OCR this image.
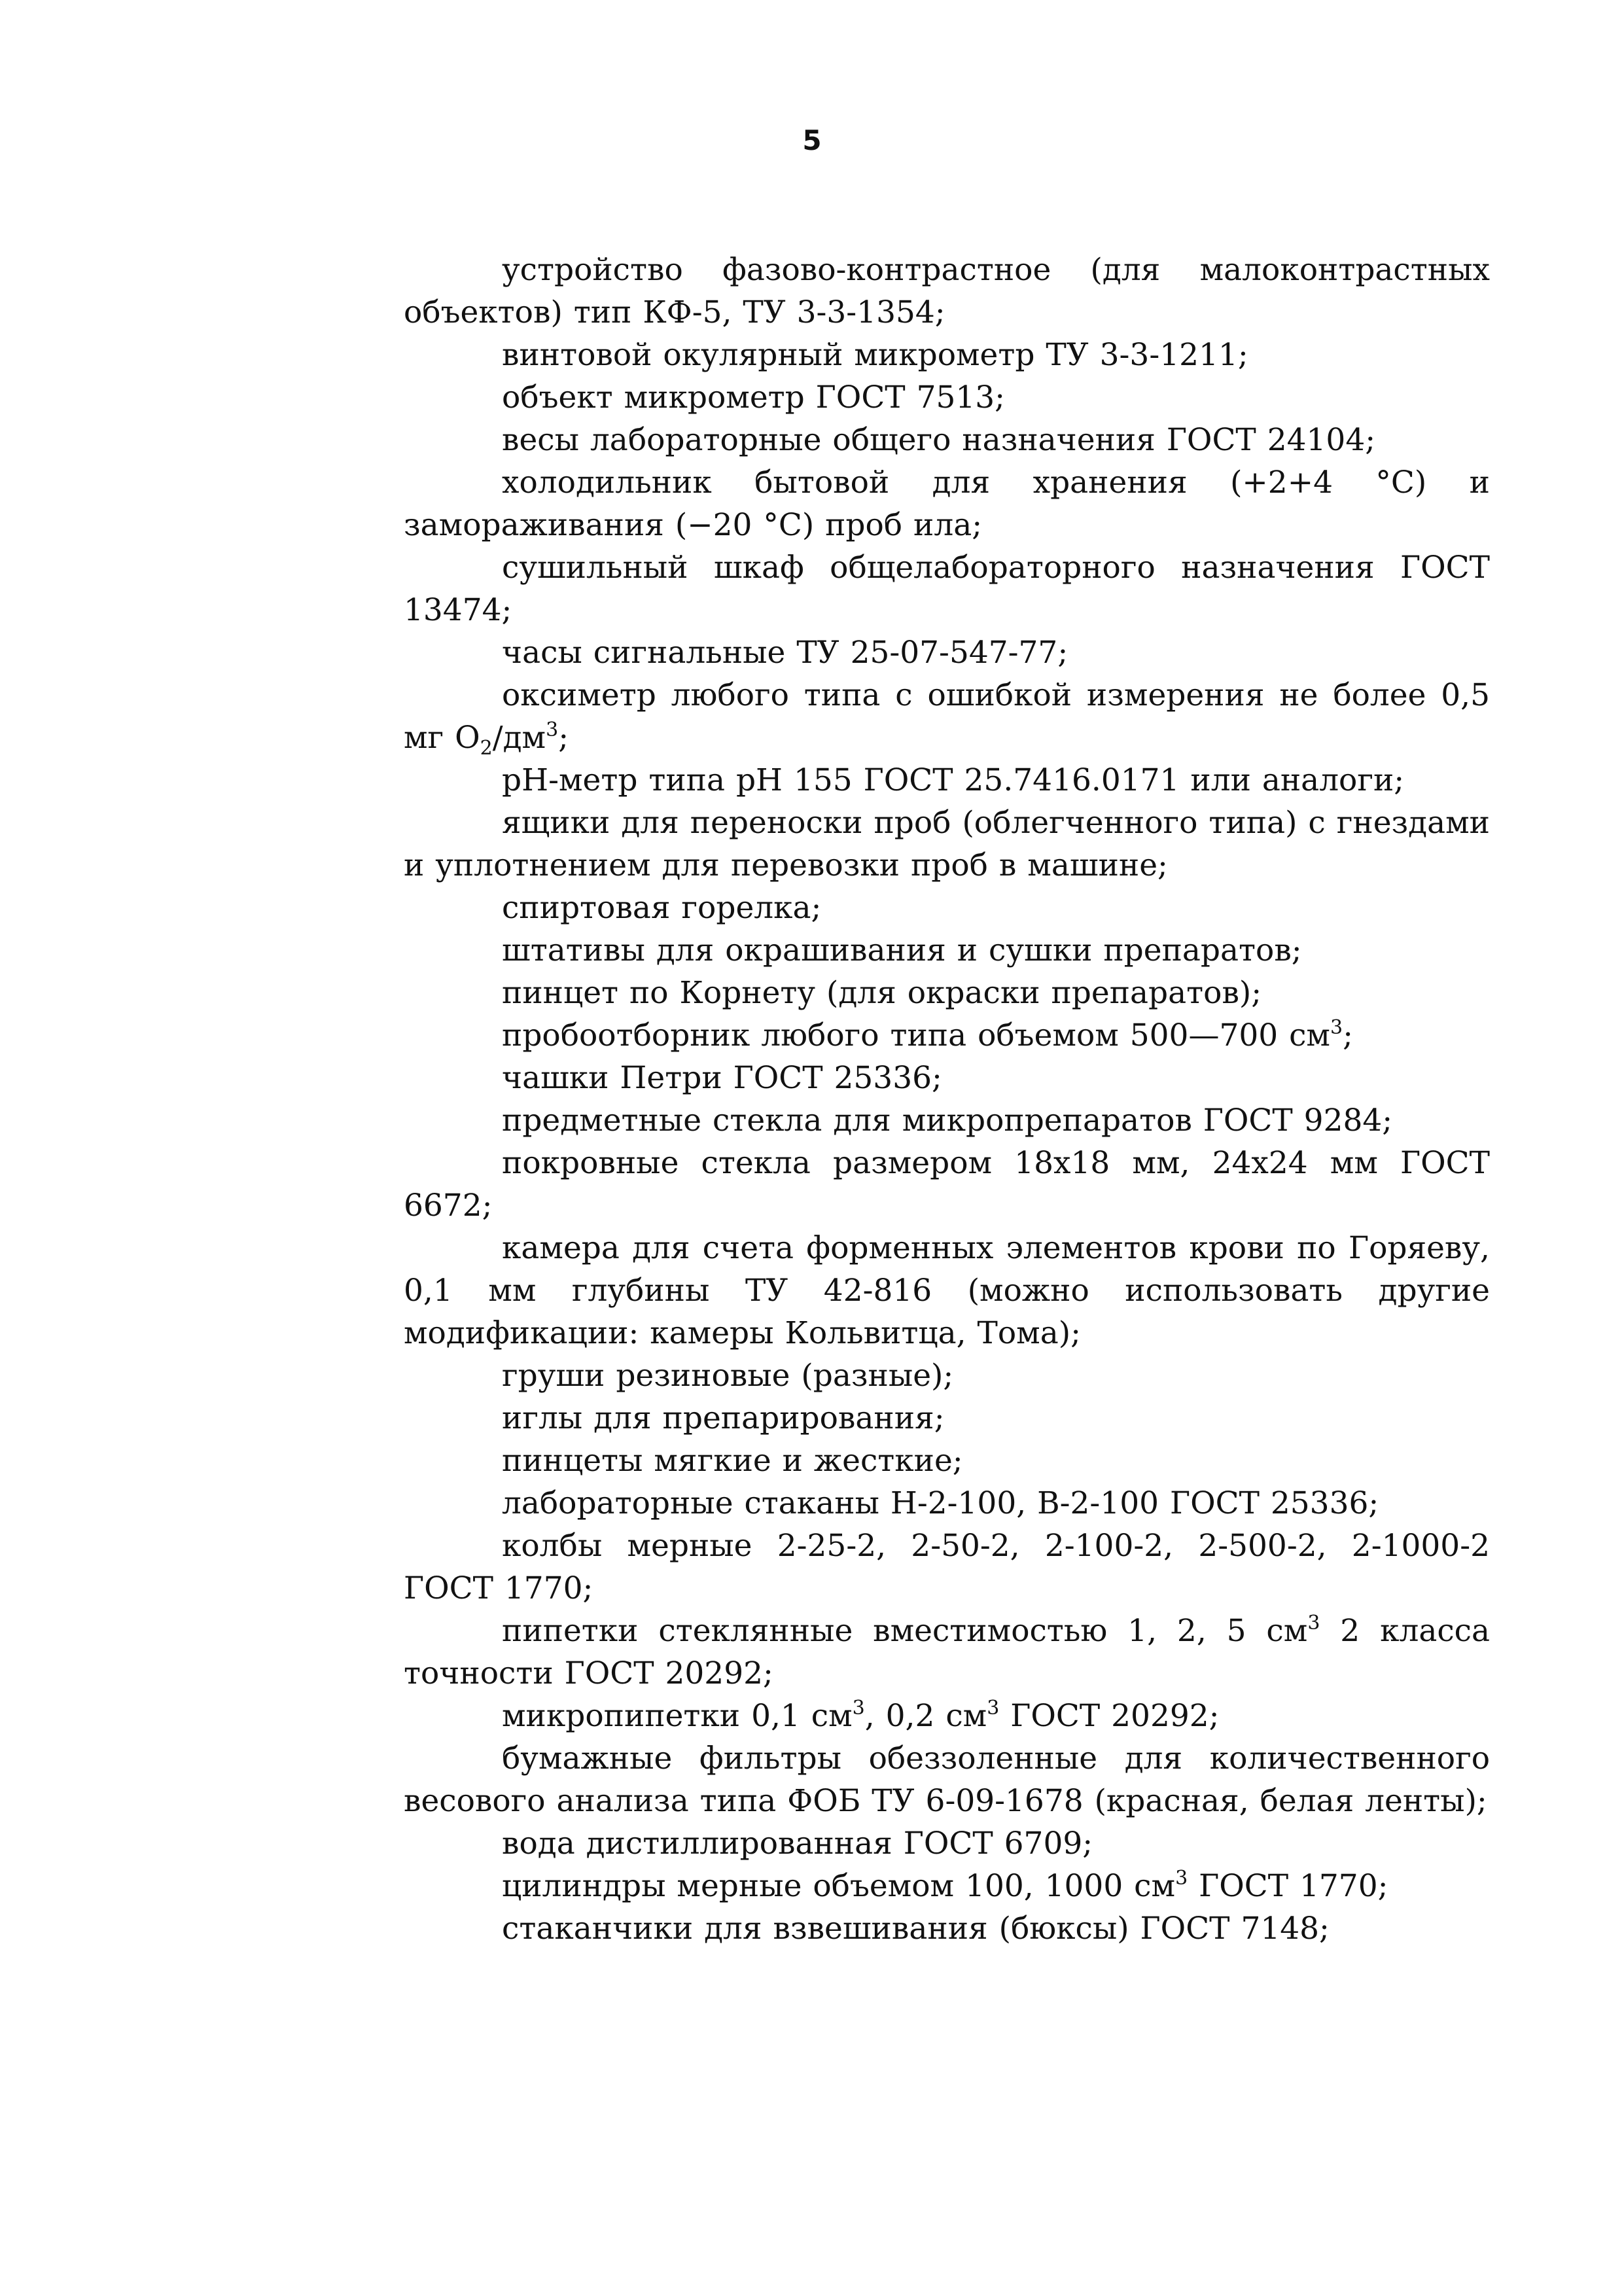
5

устройство фазово-контрастное (для малоконтрастных объектов) тип КФ-5, ТУ 3-3-1354;

винтовой окулярный микрометр ТУ 3-3-1211;

объект микрометр ГОСТ 7513;

весы лабораторные общего назначения ГОСТ 24104;

холодильник бытовой для хранения (+2+4 °С) и замораживания (−20 °С) проб ила;

сушильный шкаф общелабораторного назначения ГОСТ 13474;

часы сигнальные ТУ 25-07-547-77;

оксиметр любого типа с ошибкой измерения не более 0,5 мг $О_2/дм^3$;

pH-метр типа pH 155 ГОСТ 25.7416.0171 или аналоги;

ящики для переноски проб (облегченного типа) с гнездами и уплотнением для перевозки проб в машине;

спиртовая горелка;

штативы для окрашивания и сушки препаратов;

пинцет по Корнету (для окраски препаратов);

пробоотборник любого типа объемом 500—700 $см^3$;

чашки Петри ГОСТ 25336;

предметные стекла для микропрепаратов ГОСТ 9284;

покровные стекла размером 18х18 мм, 24х24 мм ГОСТ 6672;

камера для счета форменных элементов крови по Горяеву, 0,1 мм глубины ТУ 42-816 (можно использовать другие модификации: камеры Кольвитца, Тома);

груши резиновые (разные);

иглы для препарирования;

пинцеты мягкие и жесткие;

лабораторные стаканы Н-2-100, В-2-100 ГОСТ 25336;

колбы мерные 2-25-2, 2-50-2, 2-100-2, 2-500-2, 2-1000-2 ГОСТ 1770;

пипетки стеклянные вместимостью 1, 2, 5 $см^3$ 2 класса точности ГОСТ 20292;

микропипетки 0,1 $см^3$, 0,2 $см^3$ ГОСТ 20292;

бумажные фильтры обеззоленные для количественного весового анализа типа ФОБ ТУ 6-09-1678 (красная, белая ленты);

вода дистиллированная ГОСТ 6709;

цилиндры мерные объемом 100, 1000 $см^3$ ГОСТ 1770;

стаканчики для взвешивания (бюксы) ГОСТ 7148;
